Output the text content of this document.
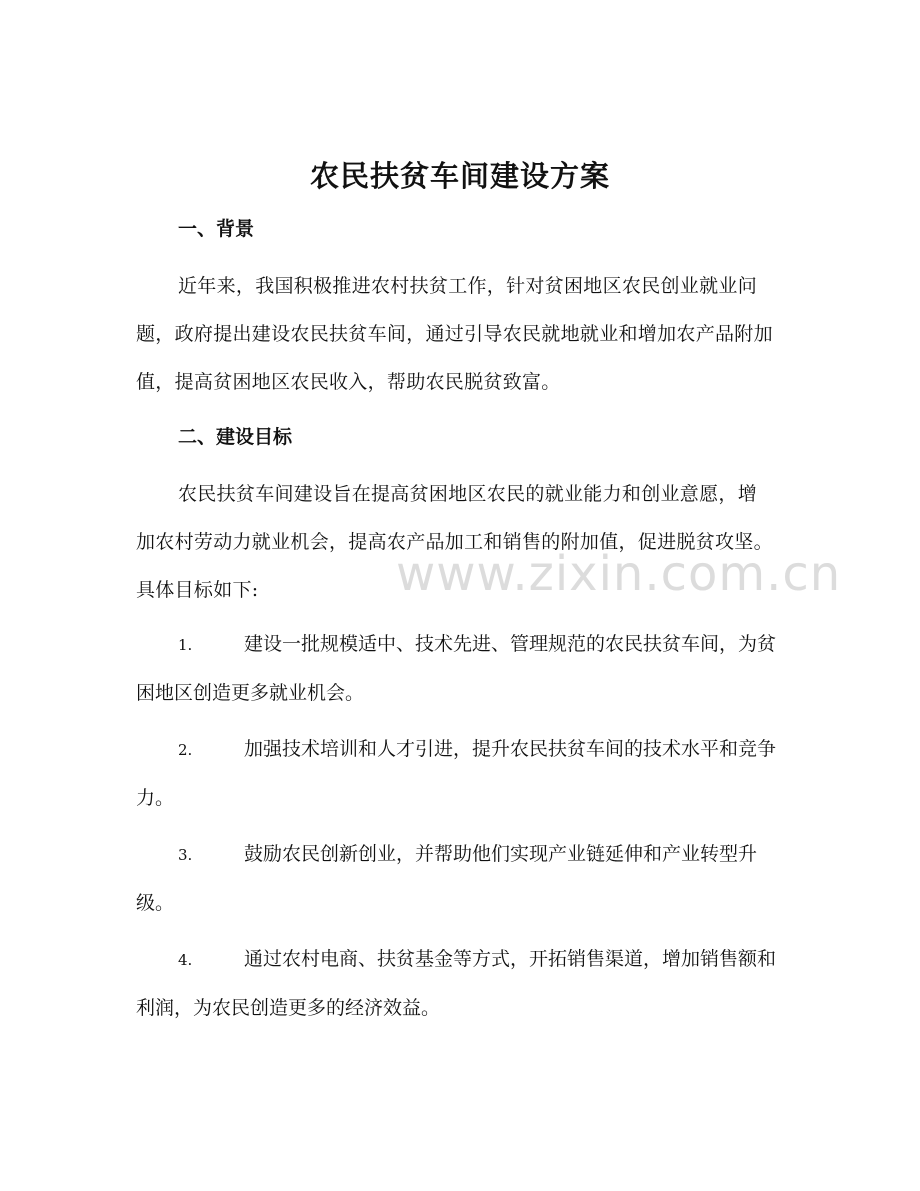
农民扶贫车间建设方案
一、背景
近年来，我国积极推进农村扶贫工作，针对贫困地区农民创业就业问题，政府提出建设农民扶贫车间，通过引导农民就地就业和增加农产品附加值，提高贫困地区农民收入，帮助农民脱贫致富。
二、建设目标
农民扶贫车间建设旨在提高贫困地区农民的就业能力和创业意愿，增加农村劳动力就业机会，提高农产品加工和销售的附加值，促进脱贫攻坚。具体目标如下:
1.	建设一批规模适中、技术先进、管理规范的农民扶贫车间，为贫困地区创造更多就业机会。
2.	加强技术培训和人才引进，提升农民扶贫车间的技术水平和竞争力。
3.	鼓励农民创新创业，并帮助他们实现产业链延伸和产业转型升级。
4.	通过农村电商、扶贫基金等方式，开拓销售渠道，增加销售额和利润，为农民创造更多的经济效益。
www.zixin.com.cn
